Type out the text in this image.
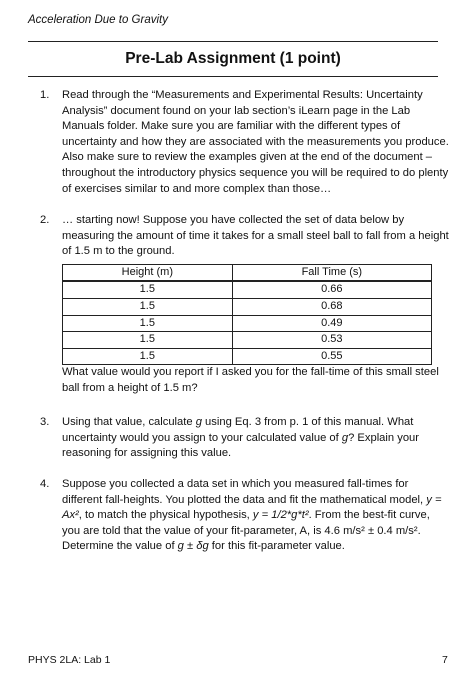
Acceleration Due to Gravity
Pre-Lab Assignment (1 point)
1.	Read through the “Measurements and Experimental Results: Uncertainty Analysis” document found on your lab section’s iLearn page in the Lab Manuals folder. Make sure you are familiar with the different types of uncertainty and how they are associated with the measurements you produce. Also make sure to review the examples given at the end of the document – throughout the introductory physics sequence you will be required to do plenty of exercises similar to and more complex than those…

2.	… starting now! Suppose you have collected the set of data below by measuring the amount of time it takes for a small steel ball to fall from a height of 1.5 m to the ground.

Height (m)	Fall Time (s)
1.5	0.66
1.5	0.68
1.5	0.49
1.5	0.53
1.5	0.55

What value would you report if I asked you for the fall-time of this small steel ball from a height of 1.5 m?

3.	Using that value, calculate g using Eq. 3 from p. 1 of this manual. What uncertainty would you assign to your calculated value of g? Explain your reasoning for assigning this value.

4.	Suppose you collected a data set in which you measured fall-times for different fall-heights. You plotted the data and fit the mathematical model, y = Ax², to match the physical hypothesis, y = 1/2*g*t². From the best-fit curve, you are told that the value of your fit-parameter, A, is 4.6 m/s² ± 0.4 m/s². Determine the value of g ± δg for this fit-parameter value.

PHYS 2LA: Lab 1	7
